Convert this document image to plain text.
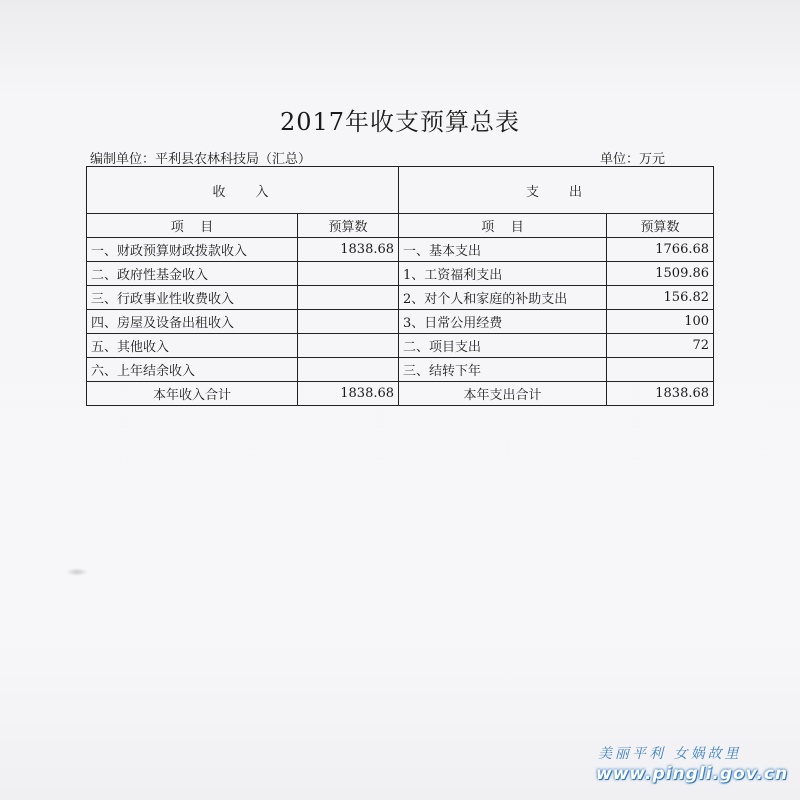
2017年收支预算总表
编制单位：平利县农林科技局（汇总）	单位：万元
收入		支出	
项    目	预算数	项    目	预算数
一、财政预算财政拨款收入	1838.68	一、基本支出	1766.68
二、政府性基金收入		1、工资福利支出	1509.86
三、行政事业性收费收入		2、对个人和家庭的补助支出	156.82
四、房屋及设备出租收入		3、日常公用经费	100
五、其他收入		二、项目支出	72
六、上年结余收入		三、结转下年	
本年收入合计	1838.68	本年支出合计	1838.68
美丽平利 女娲故里
www.pingli.gov.cn
